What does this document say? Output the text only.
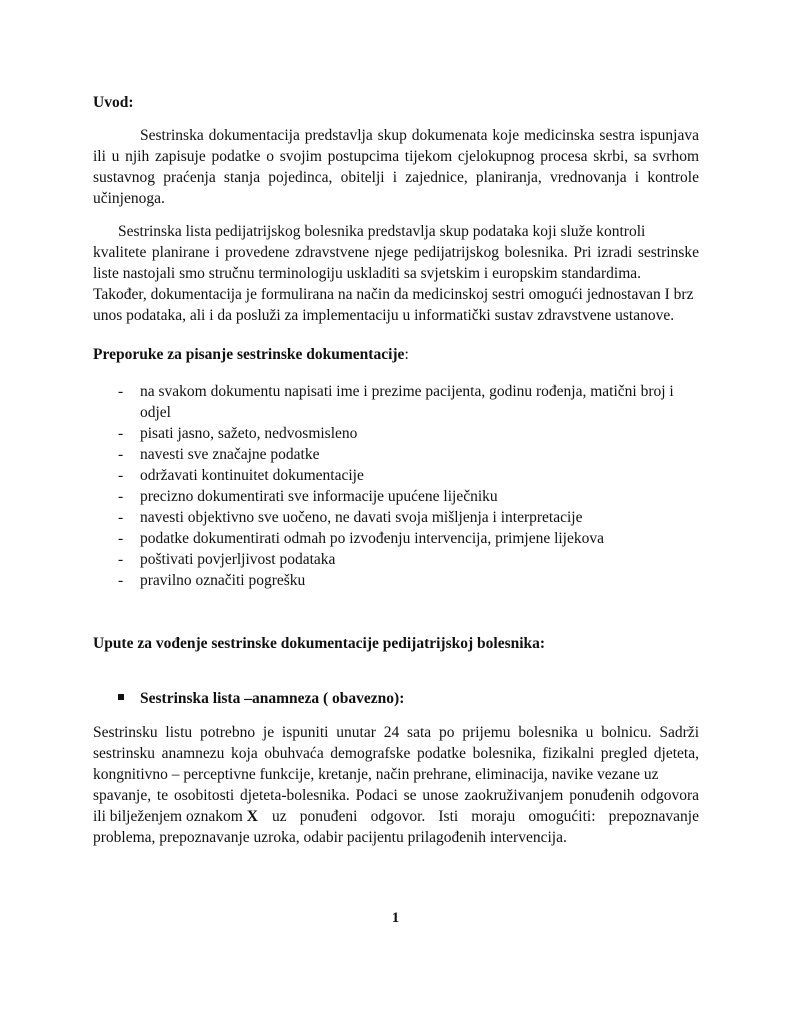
Uvod:
Sestrinska dokumentacija predstavlja skup dokumenata koje medicinska sestra ispunjava
ili u njih zapisuje podatke o svojim postupcima tijekom cjelokupnog procesa skrbi, sa svrhom
sustavnog praćenja stanja pojedinca, obitelji i zajednice, planiranja, vrednovanja i kontrole
učinjenoga.
Sestrinska lista pedijatrijskog bolesnika predstavlja skup podataka koji služe kontroli
kvalitete planirane i provedene zdravstvene njege pedijatrijskog bolesnika. Pri izradi sestrinske
liste nastojali smo stručnu terminologiju uskladiti sa svjetskim i europskim standardima.
Također, dokumentacija je formulirana na način da medicinskoj sestri omogući jednostavan I brz
unos podataka, ali i da posluži za implementaciju u informatički sustav zdravstvene ustanove.
Preporuke za pisanje sestrinske dokumentacije:
- na svakom dokumentu napisati ime i prezime pacijenta, godinu rođenja, matični broj i
odjel
- pisati jasno, sažeto, nedvosmisleno
- navesti sve značajne podatke
- održavati kontinuitet dokumentacije
- precizno dokumentirati sve informacije upućene liječniku
- navesti objektivno sve uočeno, ne davati svoja mišljenja i interpretacije
- podatke dokumentirati odmah po izvođenju intervencija, primjene lijekova
- poštivati povjerljivost podataka
- pravilno označiti pogrešku
Upute za vođenje sestrinske dokumentacije pedijatrijskoj bolesnika:
Sestrinska lista –anamneza ( obavezno):
Sestrinsku listu potrebno je ispuniti unutar 24 sata po prijemu bolesnika u bolnicu. Sadrži
sestrinsku anamnezu koja obuhvaća demografske podatke bolesnika, fizikalni pregled djeteta,
kongnitivno – perceptivne funkcije, kretanje, način prehrane, eliminacija, navike vezane uz
spavanje, te osobitosti djeteta-bolesnika. Podaci se unose zaokruživanjem ponuđenih odgovora
ili bilježenjem oznakom X uz ponuđeni odgovor. Isti moraju omogućiti: prepoznavanje
problema, prepoznavanje uzroka, odabir pacijentu prilagođenih intervencija.
1
